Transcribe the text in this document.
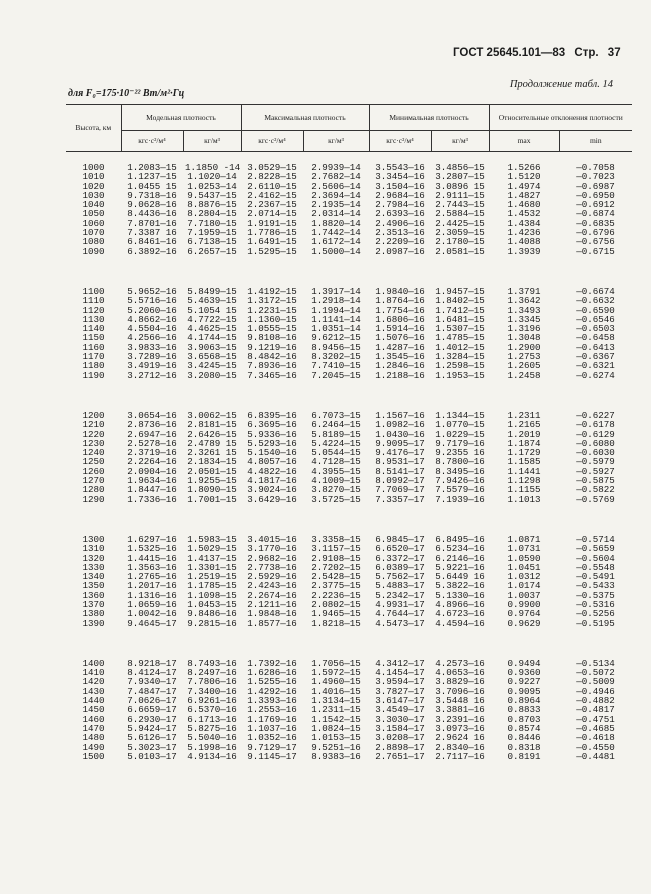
ГОСТ 25645.101—83 Стр. 37
Продолжение табл. 14
для F₀=175·10⁻²² Вт/м²·Гц
Высота, км	Модельная плотность		Максимальная плотность		Минимальная плотность		Относительные отклонения плотности	
	кгс·с²/м⁴	кг/м³	кгс·с²/м⁴	кг/м³	кгс·с²/м⁴	кг/м³	max	min

1000	1.2083—15	1.1850 -14	3.0529—15	2.9939—14	3.5543—16	3.4856—15	1.5266	—0.7058
1010	1.1237—15	1.1020—14	2.8228—15	2.7682—14	3.3454—16	3.2807—15	1.5120	—0.7023
1020	1.0455 15	1.0253—14	2.6110—15	2.5606—14	3.1504—16	3.0896 15	1.4974	—0.6987
1030	9.7318—16	9.5437—15	2.4162—15	2.3694—14	2.9684—16	2.9111—15	1.4827	—0.6950
1040	9.0628—16	8.8876—15	2.2367—15	2.1935—14	2.7984—16	2.7443—15	1.4680	—0.6912
1050	8.4436—16	8.2804—15	2.0714—15	2.0314—14	2.6393—16	2.5884—15	1.4532	—0.6874
1060	7.8701—16	7.7180—15	1.9191—15	1.8820—14	2.4906—16	2.4425—15	1.4384	—0.6835
1070	7.3387 16	7.1959—15	1.7786—15	1.7442—14	2.3513—16	2.3059—15	1.4236	—0.6796
1080	6.8461—16	6.7138—15	1.6491—15	1.6172—14	2.2209—16	2.1780—15	1.4088	—0.6756
1090	6.3892—16	6.2657—15	1.5295—15	1.5000—14	2.0987—16	2.0581—15	1.3939	—0.6715

1100	5.9652—16	5.8499—15	1.4192—15	1.3917—14	1.9840—16	1.9457—15	1.3791	—0.6674
1110	5.5716—16	5.4639—15	1.3172—15	1.2918—14	1.8764—16	1.8402—15	1.3642	—0.6632
1120	5.2060—16	5.1054 15	1.2231—15	1.1994—14	1.7754—16	1.7412—15	1.3493	—0.6590
1130	4.8662—16	4.7722—15	1.1360—15	1.1141—14	1.6806—16	1.6481—15	1.3345	—0.6546
1140	4.5504—16	4.4625—15	1.0555—15	1.0351—14	1.5914—16	1.5307—15	1.3196	—0.6503
1150	4.2566—16	4.1744—15	9.8108—16	9.6212—15	1.5076—16	1.4785—15	1.3048	—0.6458
1160	3.9833—16	3.9063—15	9.1219—16	8.9456—15	1.4287—16	1.4012—15	1.2900	—0.6413
1170	3.7289—16	3.6568—15	8.4842—16	8.3202—15	1.3545—16	1.3284—15	1.2753	—0.6367
1180	3.4919—16	3.4245—15	7.8936—16	7.7410—15	1.2846—16	1.2598—15	1.2605	—0.6321
1190	3.2712—16	3.2080—15	7.3465—16	7.2045—15	1.2188—16	1.1953—15	1.2458	—0.6274

1200	3.0654—16	3.0062—15	6.8395—16	6.7073—15	1.1567—16	1.1344—15	1.2311	—0.6227
1210	2.8736—16	2.8181—15	6.3695—16	6.2464—15	1.0982—16	1.0770—15	1.2165	—0.6178
1220	2.6947—16	2.6426—15	5.9336—16	5.8189—15	1.0430—16	1.0229—15	1.2019	—0.6129
1230	2.5278—16	2.4789 15	5.5293—16	5.4224—15	9.9095—17	9.7179—16	1.1874	—0.6080
1240	2.3719—16	2.3261 15	5.1540—16	5.0544—15	9.4176—17	9.2355 16	1.1729	—0.6030
1250	2.2264—16	2.1834—15	4.8057—16	4.7128—15	8.9531—17	8.7800—16	1.1585	—0.5979
1260	2.0904—16	2.0501—15	4.4822—16	4.3955—15	8.5141—17	8.3495—16	1.1441	—0.5927
1270	1.9634—16	1.9255—15	4.1817—16	4.1009—15	8.0992—17	7.9426—16	1.1298	—0.5875
1280	1.8447—16	1.8090—15	3.9024—16	3.8270—15	7.7069—17	7.5579—16	1.1155	—0.5822
1290	1.7336—16	1.7001—15	3.6429—16	3.5725—15	7.3357—17	7.1939—16	1.1013	—0.5769

1300	1.6297—16	1.5983—15	3.4015—16	3.3358—15	6.9845—17	6.8495—16	1.0871	—0.5714
1310	1.5325—16	1.5029—15	3.1770—16	3.1157—15	6.6520—17	6.5234—16	1.0731	—0.5659
1320	1.4415—16	1.4137—15	2.9682—16	2.9108—15	6.3372—17	6.2146—16	1.0590	—0.5604
1330	1.3563—16	1.3301—15	2.7738—16	2.7202—15	6.0389—17	5.9221—16	1.0451	—0.5548
1340	1.2765—16	1.2519—15	2.5929—16	2.5428—15	5.7562—17	5.6449 16	1.0312	—0.5491
1350	1.2017—16	1.1785—15	2.4243—16	2.3775—15	5.4883—17	5.3822—16	1.0174	—0.5433
1360	1.1316—16	1.1098—15	2.2674—16	2.2236—15	5.2342—17	5.1330—16	1.0037	—0.5375
1370	1.0659—16	1.0453—15	2.1211—16	2.0802—15	4.9931—17	4.8966—16	0.9900	—0.5316
1380	1.0042—16	9.8486—16	1.9848—16	1.9465—15	4.7644—17	4.6723—16	0.9764	—0.5256
1390	9.4645—17	9.2815—16	1.8577—16	1.8218—15	4.5473—17	4.4594—16	0.9629	—0.5195

1400	8.9218—17	8.7493—16	1.7392—16	1.7056—15	4.3412—17	4.2573—16	0.9494	—0.5134
1410	8.4124—17	8.2497—16	1.6286—16	1.5972—15	4.1454—17	4.0653—16	0.9360	—0.5072
1420	7.9340—17	7.7806—16	1.5255—16	1.4960—15	3.9594—17	3.8829—16	0.9227	—0.5009
1430	7.4847—17	7.3400—16	1.4292—16	1.4016—15	3.7827—17	3.7096—16	0.9095	—0.4946
1440	7.0626—17	6.9261—16	1.3393—16	1.3134—15	3.6147—17	3.5448 16	0.8964	—0.4882
1450	6.6659—17	6.5370—16	1.2553—16	1.2311—15	3.4549—17	3.3881—16	0.8833	—0.4817
1460	6.2930—17	6.1713—16	1.1769—16	1.1542—15	3.3030—17	3.2391—16	0.8703	—0.4751
1470	5.9424—17	5.8275—16	1.1037—16	1.0824—15	3.1584—17	3.0973—16	0.8574	—0.4685
1480	5.6126—17	5.5040—16	1.0352—16	1.0153—15	3.0208—17	2.9624 16	0.8446	—0.4618
1490	5.3023—17	5.1998—16	9.7129—17	9.5251—16	2.8898—17	2.8340—16	0.8318	—0.4550
1500	5.0103—17	4.9134—16	9.1145—17	8.9383—16	2.7651—17	2.7117—16	0.8191	—0.4481
